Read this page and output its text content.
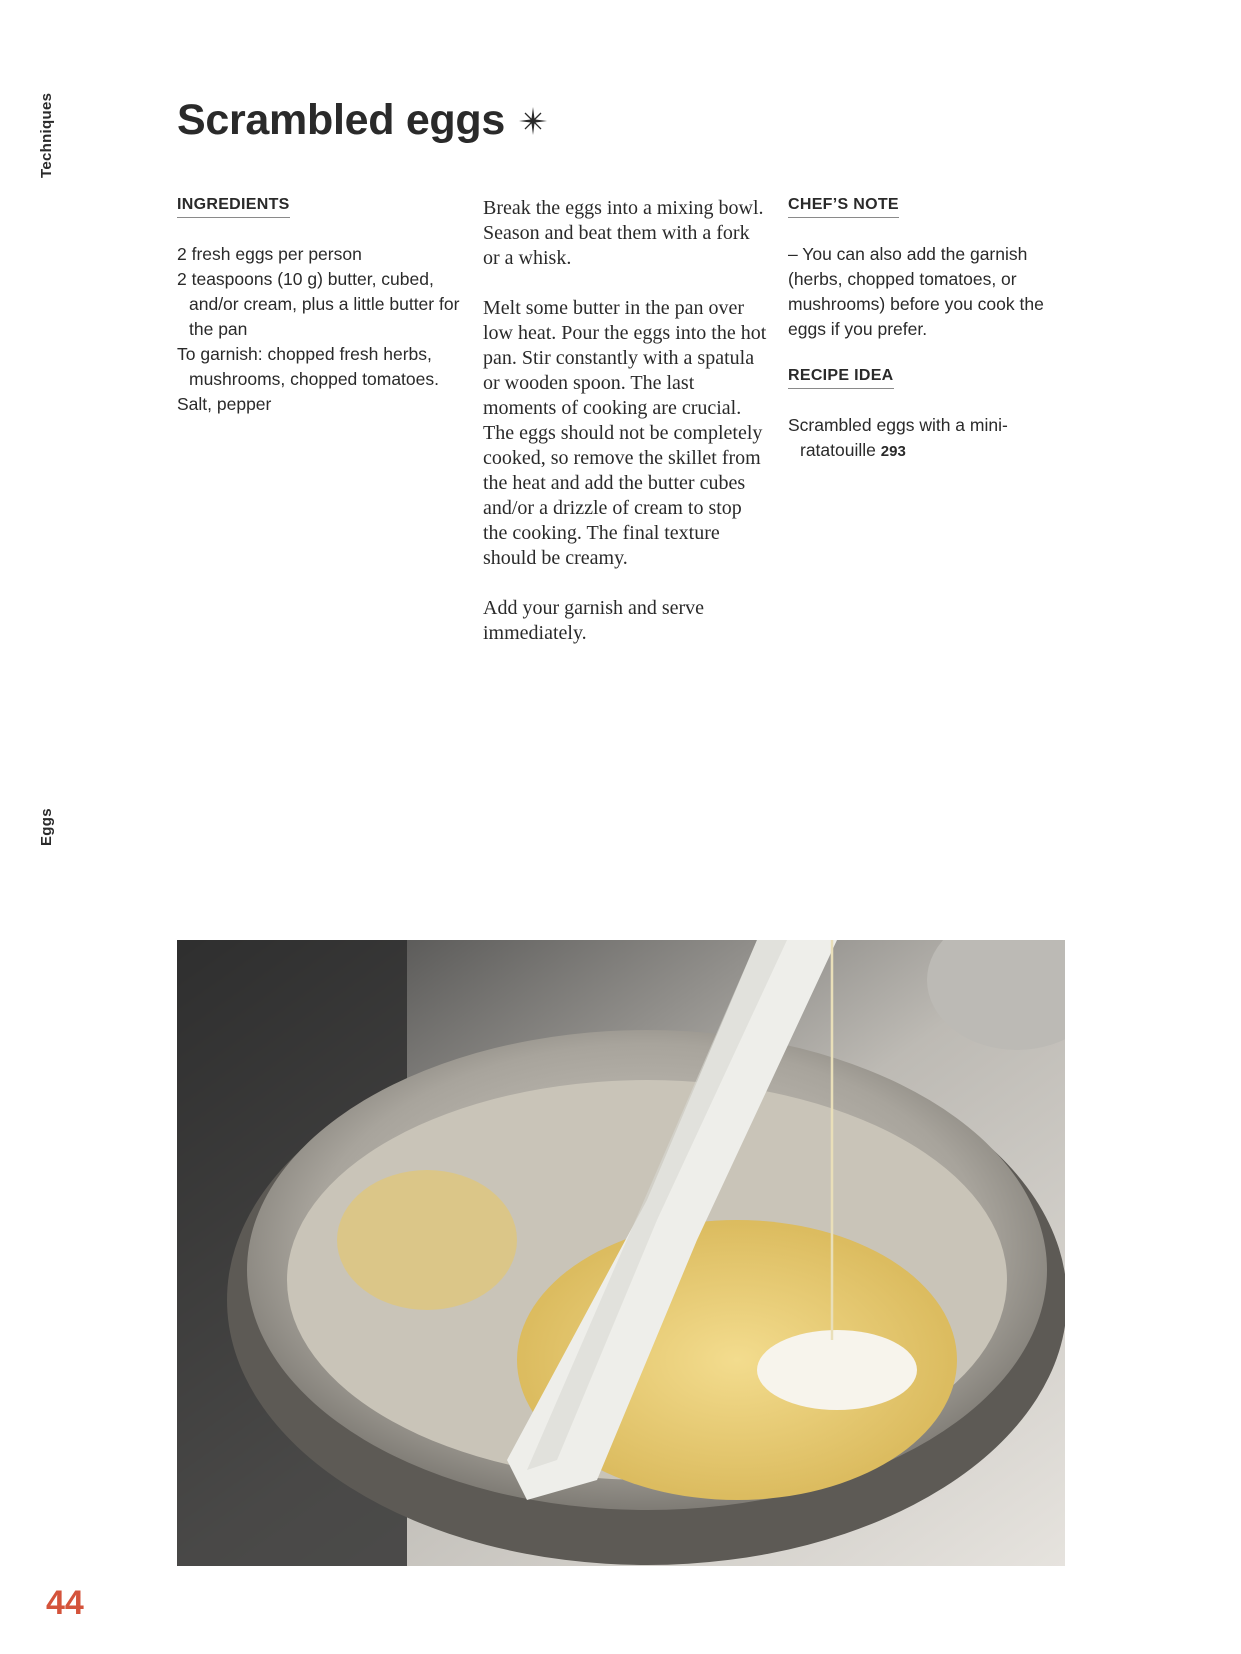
Techniques
Eggs
Scrambled eggs
INGREDIENTS
2 fresh eggs per person
2 teaspoons (10 g) butter, cubed, and/or cream, plus a little butter for the pan
To garnish: chopped fresh herbs, mushrooms, chopped tomatoes.
Salt, pepper

Break the eggs into a mixing bowl. Season and beat them with a fork or a whisk.

Melt some butter in the pan over low heat. Pour the eggs into the hot pan. Stir constantly with a spatula or wooden spoon. The last moments of cooking are crucial. The eggs should not be completely cooked, so remove the skillet from the heat and add the butter cubes and/or a drizzle of cream to stop the cooking. The final texture should be creamy.

Add your garnish and serve immediately.

CHEF’S NOTE

– You can also add the garnish (herbs, chopped tomatoes, or mushrooms) before you cook the eggs if you prefer.

RECIPE IDEA

Scrambled eggs with a mini-ratatouille 293

44
